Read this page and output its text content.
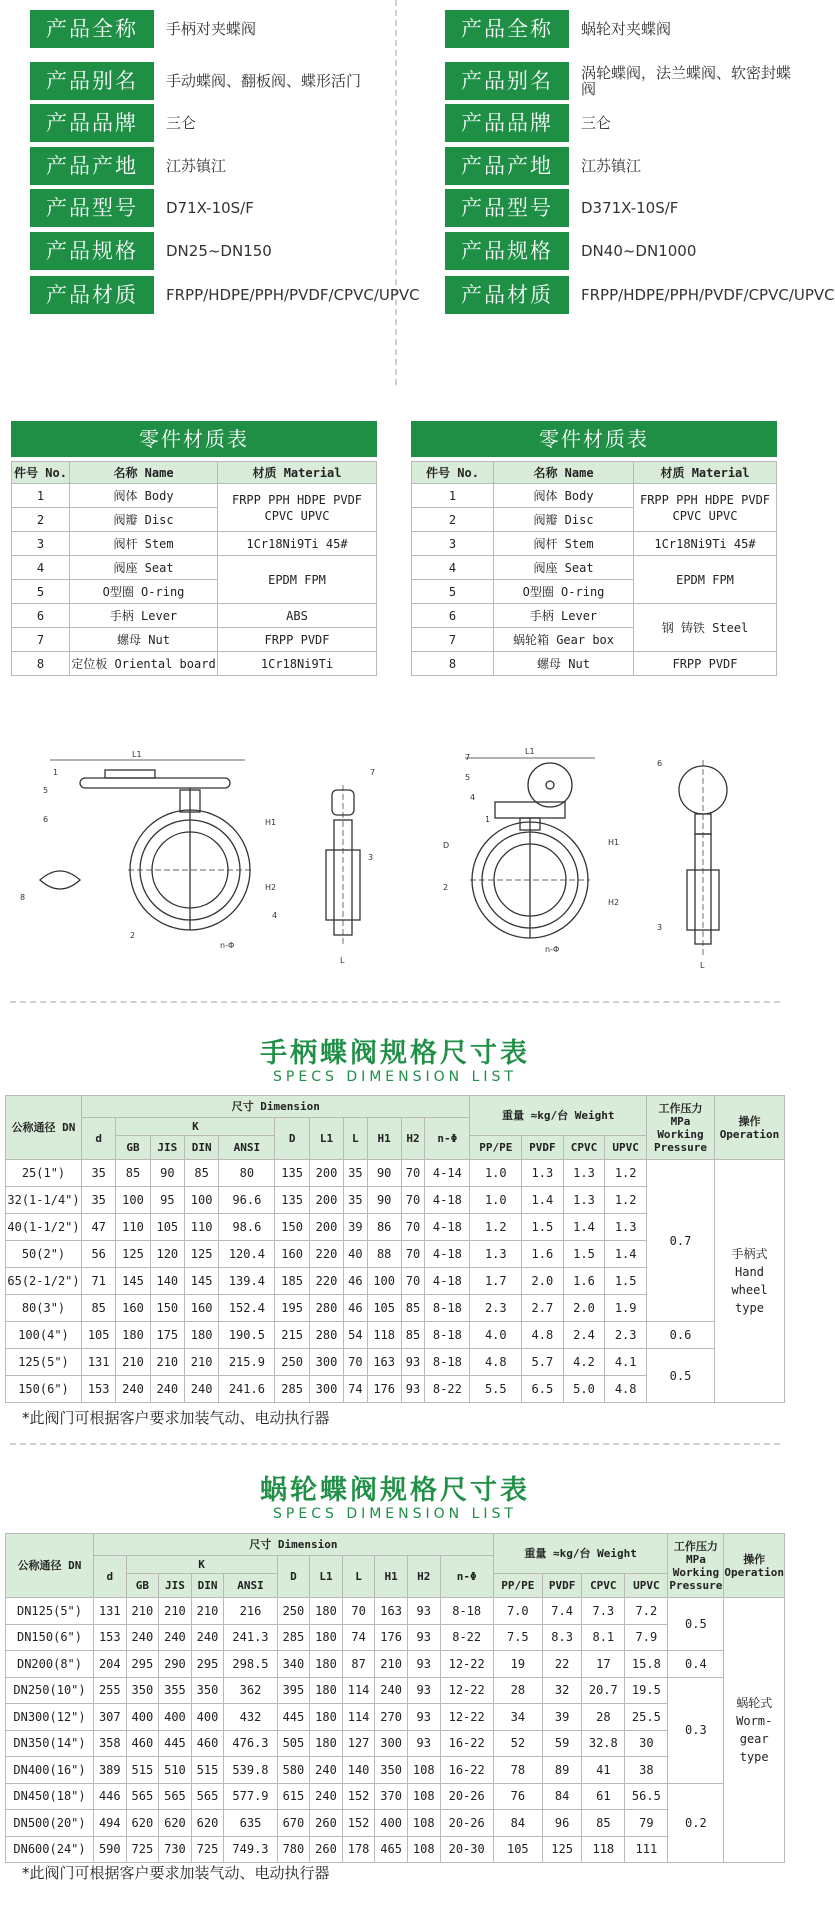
产品全称	手柄对夹蝶阀
产品别名	手动蝶阀、翻板阀、蝶形活门
产品品牌	三仑
产品产地	江苏镇江
产品型号	D71X-10S/F
产品规格	DN25~DN150
产品材质	FRPP/HDPE/PPH/PVDF/CPVC/UPVC
产品全称	蜗轮对夹蝶阀
产品别名	涡轮蝶阀，法兰蝶阀、软密封蝶阀
产品品牌	三仑
产品产地	江苏镇江
产品型号	D371X-10S/F
产品规格	DN40~DN1000
产品材质	FRPP/HDPE/PPH/PVDF/CPVC/UPVC
零件材质表
件号 No.	名称 Name	材质 Material
1	阀体 Body	FRPP PPH HDPE PVDF CPVC UPVC
2	阀瓣 Disc	
3	阀杆 Stem	1Cr18Ni9Ti 45#
4	阀座 Seat	EPDM FPM
5	O型圈 O-ring	
6	手柄 Lever	ABS
7	螺母 Nut	FRPP PVDF
8	定位板 Oriental board	1Cr18Ni9Ti
零件材质表
件号 No.	名称 Name	材质 Material
1	阀体 Body	FRPP PPH HDPE PVDF CPVC UPVC
2	阀瓣 Disc	
3	阀杆 Stem	1Cr18Ni9Ti 45#
4	阀座 Seat	EPDM FPM
5	O型圈 O-ring	
6	手柄 Lever	钢 铸铁 Steel
7	蜗轮箱 Gear box	
8	螺母 Nut	FRPP PVDF
L1
1
2
3
4
5
6
7
8
n-Φ
L
H1
H2
L1
1
2
3
4
5
6
7
n-Φ
L
H1
H2
D
手柄蝶阀规格尺寸表
SPECS DIMENSION LIST
公称通径 DN	尺寸 Dimension											重量 ≈kg/台 Weight				工作压力 MPa Working Pressure	操作 Operation
	d	K				D	L1	L	H1	H2	n-Φ						
		GB	JIS	DIN	ANSI							PP/PE	PVDF	CPVC	UPVC		
25(1")	35	85	90	85	80	135	200	35	90	70	4-14	1.0	1.3	1.3	1.2	0.7	手柄式 Hand wheel type
32(1-1/4")	35	100	95	100	96.6	135	200	35	90	70	4-18	1.0	1.4	1.3	1.2		
40(1-1/2")	47	110	105	110	98.6	150	200	39	86	70	4-18	1.2	1.5	1.4	1.3		
50(2")	56	125	120	125	120.4	160	220	40	88	70	4-18	1.3	1.6	1.5	1.4		
65(2-1/2")	71	145	140	145	139.4	185	220	46	100	70	4-18	1.7	2.0	1.6	1.5		
80(3")	85	160	150	160	152.4	195	280	46	105	85	8-18	2.3	2.7	2.0	1.9		
100(4")	105	180	175	180	190.5	215	280	54	118	85	8-18	4.0	4.8	2.4	2.3	0.6	
125(5")	131	210	210	210	215.9	250	300	70	163	93	8-18	4.8	5.7	4.2	4.1	0.5	
150(6")	153	240	240	240	241.6	285	300	74	176	93	8-22	5.5	6.5	5.0	4.8		
*此阀门可根据客户要求加装气动、电动执行器
蜗轮蝶阀规格尺寸表
SPECS DIMENSION LIST
公称通径 DN	尺寸 Dimension											重量 ≈kg/台 Weight				工作压力 MPa Working Pressure	操作 Operation
	d	K				D	L1	L	H1	H2	n-Φ						
		GB	JIS	DIN	ANSI							PP/PE	PVDF	CPVC	UPVC		
DN125(5")	131	210	210	210	216	250	180	70	163	93	8-18	7.0	7.4	7.3	7.2	0.5	蜗轮式 Worm-gear type
DN150(6")	153	240	240	240	241.3	285	180	74	176	93	8-22	7.5	8.3	8.1	7.9		
DN200(8")	204	295	290	295	298.5	340	180	87	210	93	12-22	19	22	17	15.8	0.4	
DN250(10")	255	350	355	350	362	395	180	114	240	93	12-22	28	32	20.7	19.5	0.3	
DN300(12")	307	400	400	400	432	445	180	114	270	93	12-22	34	39	28	25.5		
DN350(14")	358	460	445	460	476.3	505	180	127	300	93	16-22	52	59	32.8	30		
DN400(16")	389	515	510	515	539.8	580	240	140	350	108	16-22	78	89	41	38		
DN450(18")	446	565	565	565	577.9	615	240	152	370	108	20-26	76	84	61	56.5	0.2	
DN500(20")	494	620	620	620	635	670	260	152	400	108	20-26	84	96	85	79		
DN600(24")	590	725	730	725	749.3	780	260	178	465	108	20-30	105	125	118	111		
*此阀门可根据客户要求加装气动、电动执行器
